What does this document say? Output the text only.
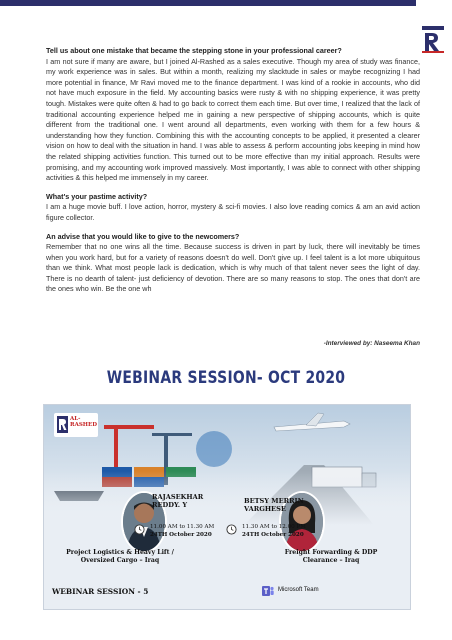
Tell us about one mistake that became the stepping stone in your professional career?

I am not sure if many are aware, but I joined Al-Rashed as a sales executive. Though my area of study was finance, my work experience was in sales. But within a month, realizing my slacktude in sales or maybe recognizing I had more potential in finance, Mr Ravi moved me to the finance department. I was kind of a rookie in accounts, who did not have much exposure in the field. My accounting basics were rusty & with no shipping experience, it was pretty tough. Mistakes were quite often & had to go back to correct them each time. But over time, I realized that the lack of traditional accounting experience helped me in gaining a new perspective of shipping accounts, which is quite different from the traditional one. I went around all departments, even working with them for a few hours & understanding how they function. Combining this with the accounting concepts to be applied, it presented a clearer vision on how to deal with the situation in hand. I was able to assess & perform accounting jobs keeping in mind how the related shipping activities function. This turned out to be more effective than my initial approach. Results were promising, and my accounting work improved massively. Most importantly, I was able to connect with other shipping activities & this helped me immensely in my career.

What's your pastime activity?

I am a huge movie buff. I love action, horror, mystery & sci-fi movies. I also love reading comics & am an avid action figure collector.

An advise that you would like to give to the newcomers?

Remember that no one wins all the time. Because success is driven in part by luck, there will inevitably be times when you work hard, but for a variety of reasons doesn't do well. Don't give up. I feel talent is a lot more ubiquitous than we think. What most people lack is dedication, which is why much of that talent never sees the light of day. There is no dearth of talent- just deficiency of devotion. There are so many reasons to stop. The ones that don't are the ones who win. Be the one wh

-Interviewed by: Naseema Khan
WEBINAR SESSION- OCT 2020
AL-RASHED
RAJASEKHAR
REDDY. Y	BETSY MERRIN
VARGHESE
11.00 AM to 11.30 AM
24TH October 2020
11.30 AM to 12.00 PM
24TH October 2020
Project Logistics & Heavy Lift /
Oversized Cargo – Iraq
Freight Forwarding & DDP
Clearance – Iraq
WEBINAR SESSION - 5	Microsoft Team
